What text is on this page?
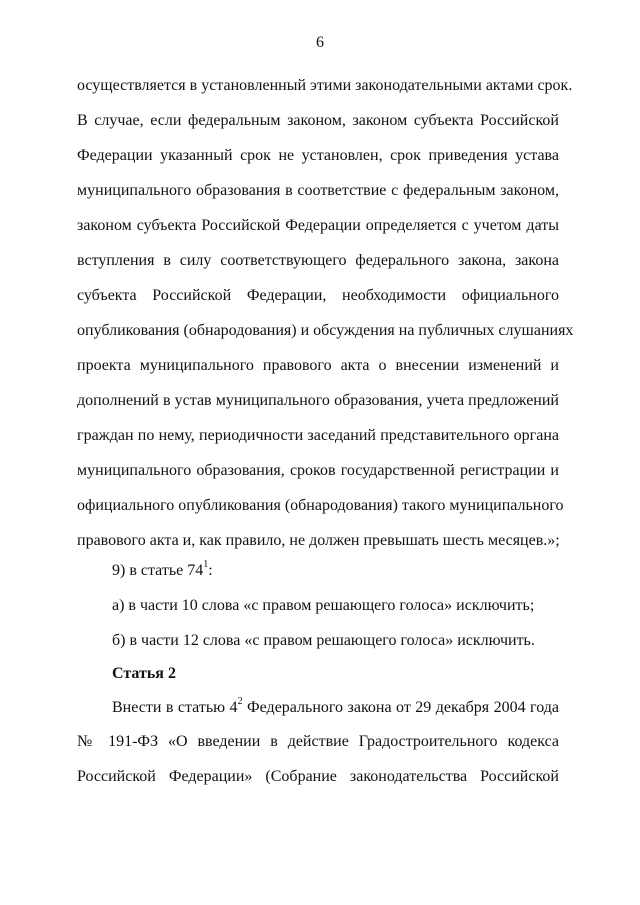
6
осуществляется в установленный этими законодательными актами срок.
В случае, если федеральным законом, законом субъекта Российской
Федерации указанный срок не установлен, срок приведения устава
муниципального образования в соответствие с федеральным законом,
законом субъекта Российской Федерации определяется с учетом даты
вступления в силу соответствующего федерального закона, закона
субъекта Российской Федерации, необходимости официального
опубликования (обнародования) и обсуждения на публичных слушаниях
проекта муниципального правового акта о внесении изменений и
дополнений в устав муниципального образования, учета предложений
граждан по нему, периодичности заседаний представительного органа
муниципального образования, сроков государственной регистрации и
официального опубликования (обнародования) такого муниципального
правового акта и, как правило, не должен превышать шесть месяцев.»;
9) в статье $74^1$:
а) в части 10 слова «с правом решающего голоса» исключить;
б) в части 12 слова «с правом решающего голоса» исключить.
Статья 2
Внести в статью $4^2$ Федерального закона от 29 декабря 2004 года
№ 191-ФЗ «О введении в действие Градостроительного кодекса
Российской Федерации» (Собрание законодательства Российской
